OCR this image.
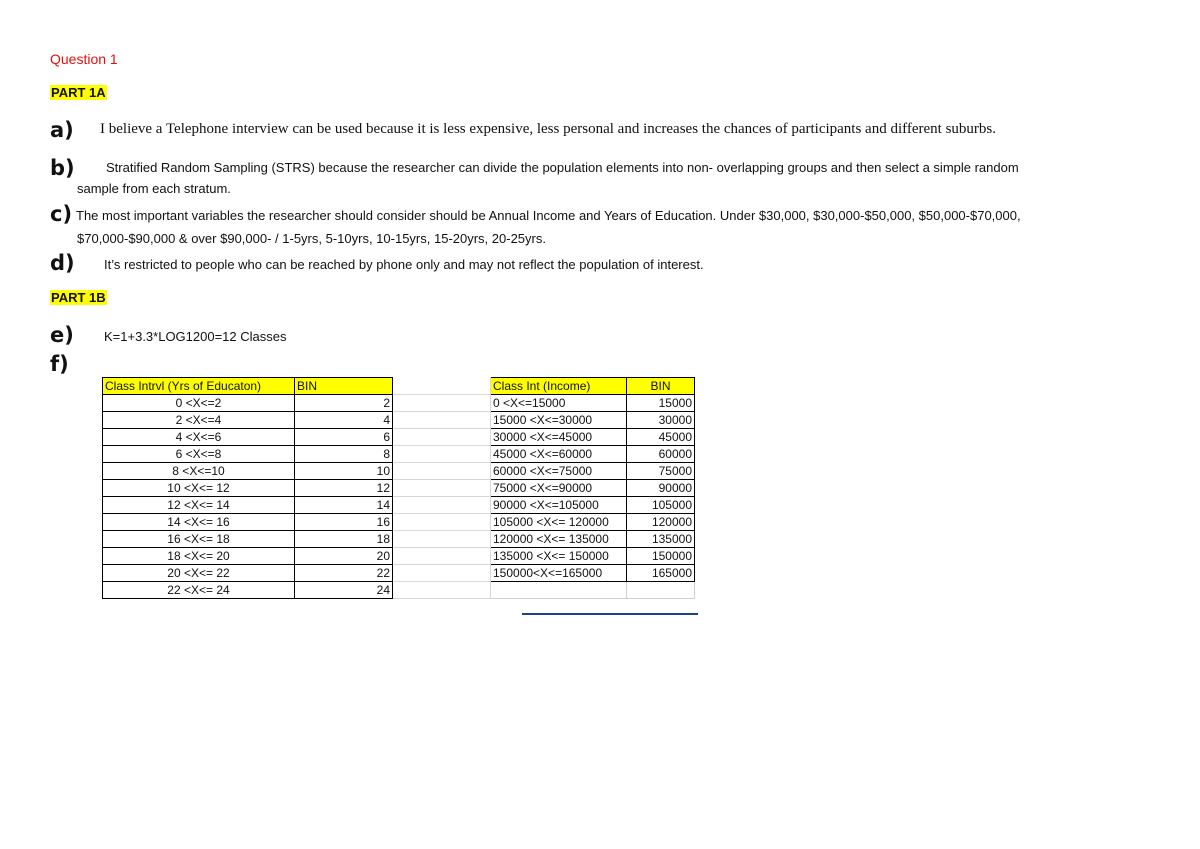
Question 1
PART 1A
a) I believe a Telephone interview can be used because it is less expensive, less personal and increases the chances of participants and different suburbs.
b) Stratified Random Sampling (STRS) because the researcher can divide the population elements into non- overlapping groups and then select a simple random
sample from each stratum.
c) The most important variables the researcher should consider should be Annual Income and Years of Education. Under $30,000, $30,000-$50,000, $50,000-$70,000,
$70,000-$90,000 & over $90,000- / 1-5yrs, 5-10yrs, 10-15yrs, 15-20yrs, 20-25yrs.
d) It’s restricted to people who can be reached by phone only and may not reflect the population of interest.
PART 1B
e) K=1+3.3*LOG1200=12 Classes
f)
Class Intrvl (Yrs of Educaton)	BIN		Class Int (Income)	BIN
0 <X<=2	2		0 <X<=15000	15000
2 <X<=4	4		15000 <X<=30000	30000
4 <X<=6	6		30000 <X<=45000	45000
6 <X<=8	8		45000 <X<=60000	60000
8 <X<=10	10		60000 <X<=75000	75000
10 <X<= 12	12		75000 <X<=90000	90000
12 <X<= 14	14		90000 <X<=105000	105000
14 <X<= 16	16		105000 <X<= 120000	120000
16 <X<= 18	18		120000 <X<= 135000	135000
18 <X<= 20	20		135000 <X<= 150000	150000
20 <X<= 22	22		150000<X<=165000	165000
22 <X<= 24	24			
